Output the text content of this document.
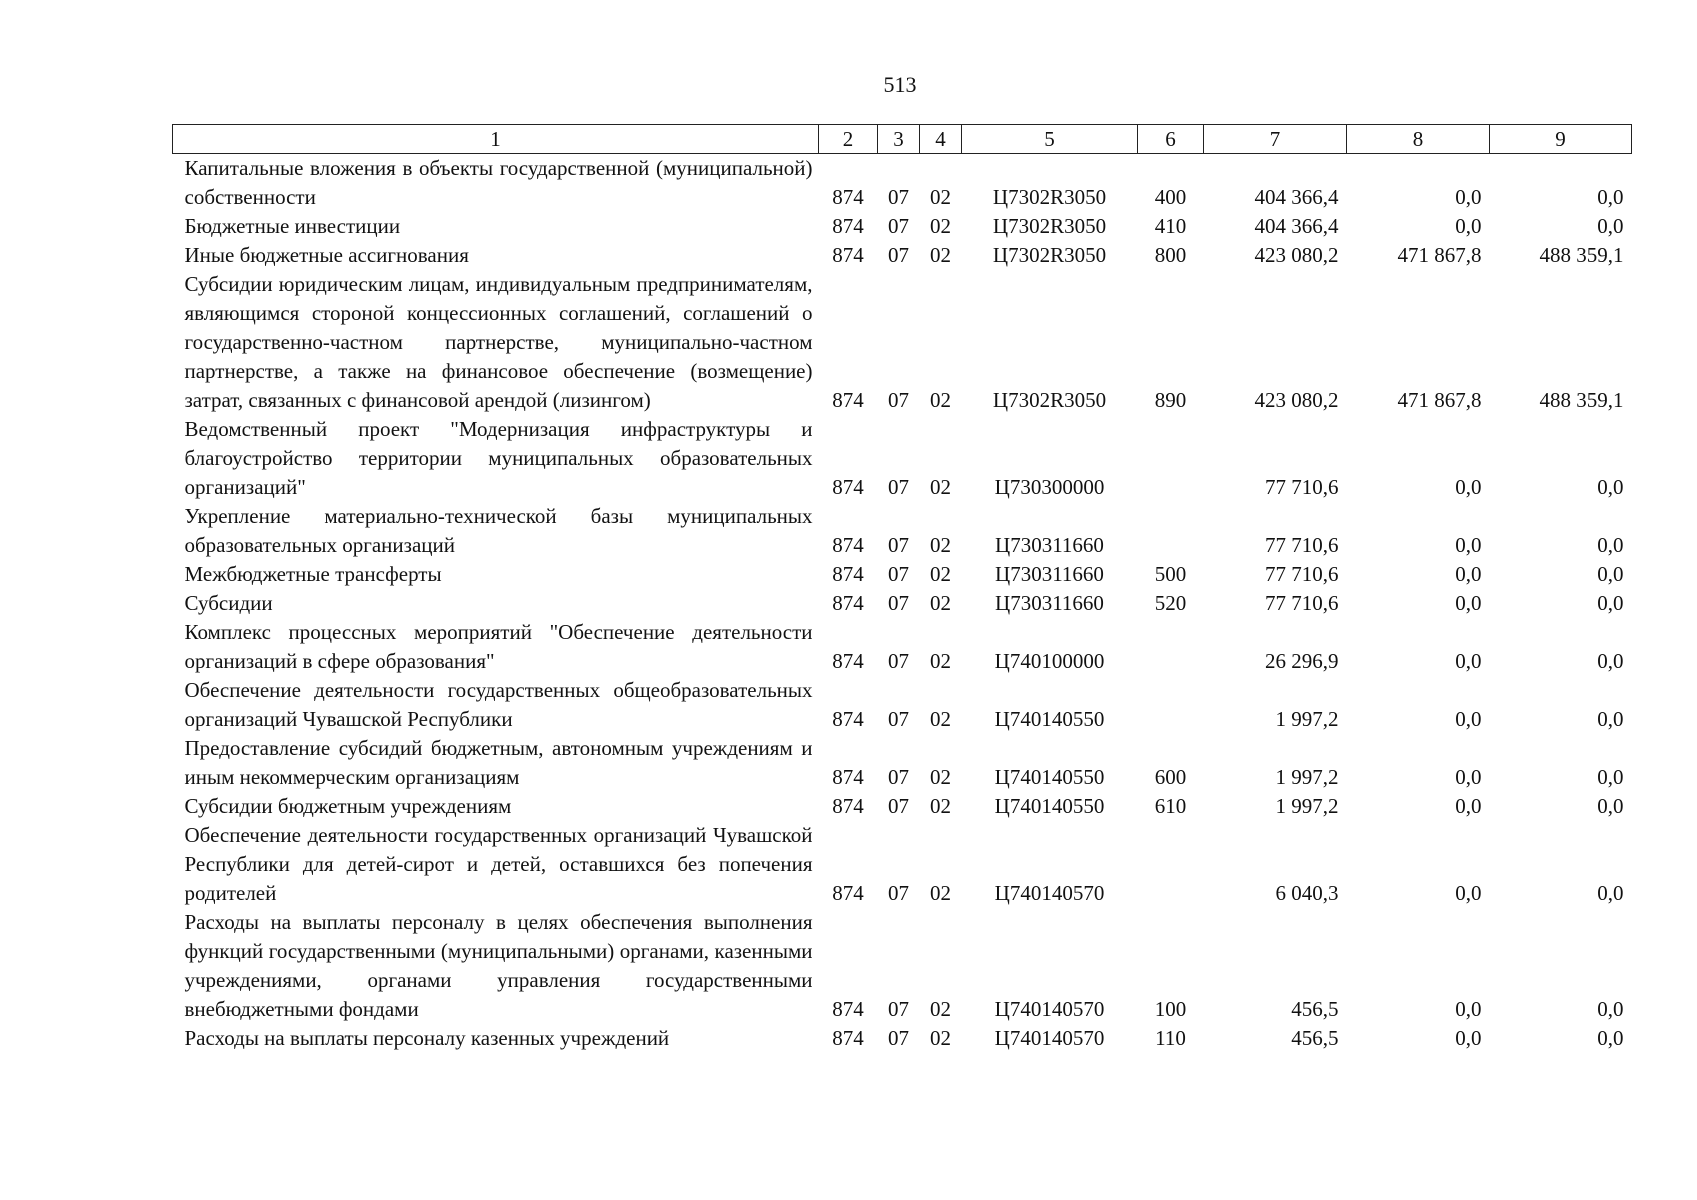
513
1	2	3	4	5	6	7	8	9
Капитальные вложения в объекты государственной (муниципальной) собственности	874	07	02	Ц7302R3050	400	404 366,4	0,0	0,0
Бюджетные инвестиции	874	07	02	Ц7302R3050	410	404 366,4	0,0	0,0
Иные бюджетные ассигнования	874	07	02	Ц7302R3050	800	423 080,2	471 867,8	488 359,1
Субсидии юридическим лицам, индивидуальным предпринимателям, являющимся стороной концессионных соглашений, соглашений о государственно-частном партнерстве, муниципально-частном партнерстве, а также на финансовое обеспечение (возмещение) затрат, связанных с финансовой арендой (лизингом)	874	07	02	Ц7302R3050	890	423 080,2	471 867,8	488 359,1
Ведомственный проект "Модернизация инфраструктуры и благоустройство территории муниципальных образовательных организаций"	874	07	02	Ц730300000		77 710,6	0,0	0,0
Укрепление материально-технической базы муниципальных образовательных организаций	874	07	02	Ц730311660		77 710,6	0,0	0,0
Межбюджетные трансферты	874	07	02	Ц730311660	500	77 710,6	0,0	0,0
Субсидии	874	07	02	Ц730311660	520	77 710,6	0,0	0,0
Комплекс процессных мероприятий "Обеспечение деятельности организаций в сфере образования"	874	07	02	Ц740100000		26 296,9	0,0	0,0
Обеспечение деятельности государственных общеобразовательных организаций Чувашской Республики	874	07	02	Ц740140550		1 997,2	0,0	0,0
Предоставление субсидий бюджетным, автономным учреждениям и иным некоммерческим организациям	874	07	02	Ц740140550	600	1 997,2	0,0	0,0
Субсидии бюджетным учреждениям	874	07	02	Ц740140550	610	1 997,2	0,0	0,0
Обеспечение деятельности государственных организаций Чувашской Республики для детей-сирот и детей, оставшихся без попечения родителей	874	07	02	Ц740140570		6 040,3	0,0	0,0
Расходы на выплаты персоналу в целях обеспечения выполнения функций государственными (муниципальными) органами, казенными учреждениями, органами управления государственными внебюджетными фондами	874	07	02	Ц740140570	100	456,5	0,0	0,0
Расходы на выплаты персоналу казенных учреждений	874	07	02	Ц740140570	110	456,5	0,0	0,0
